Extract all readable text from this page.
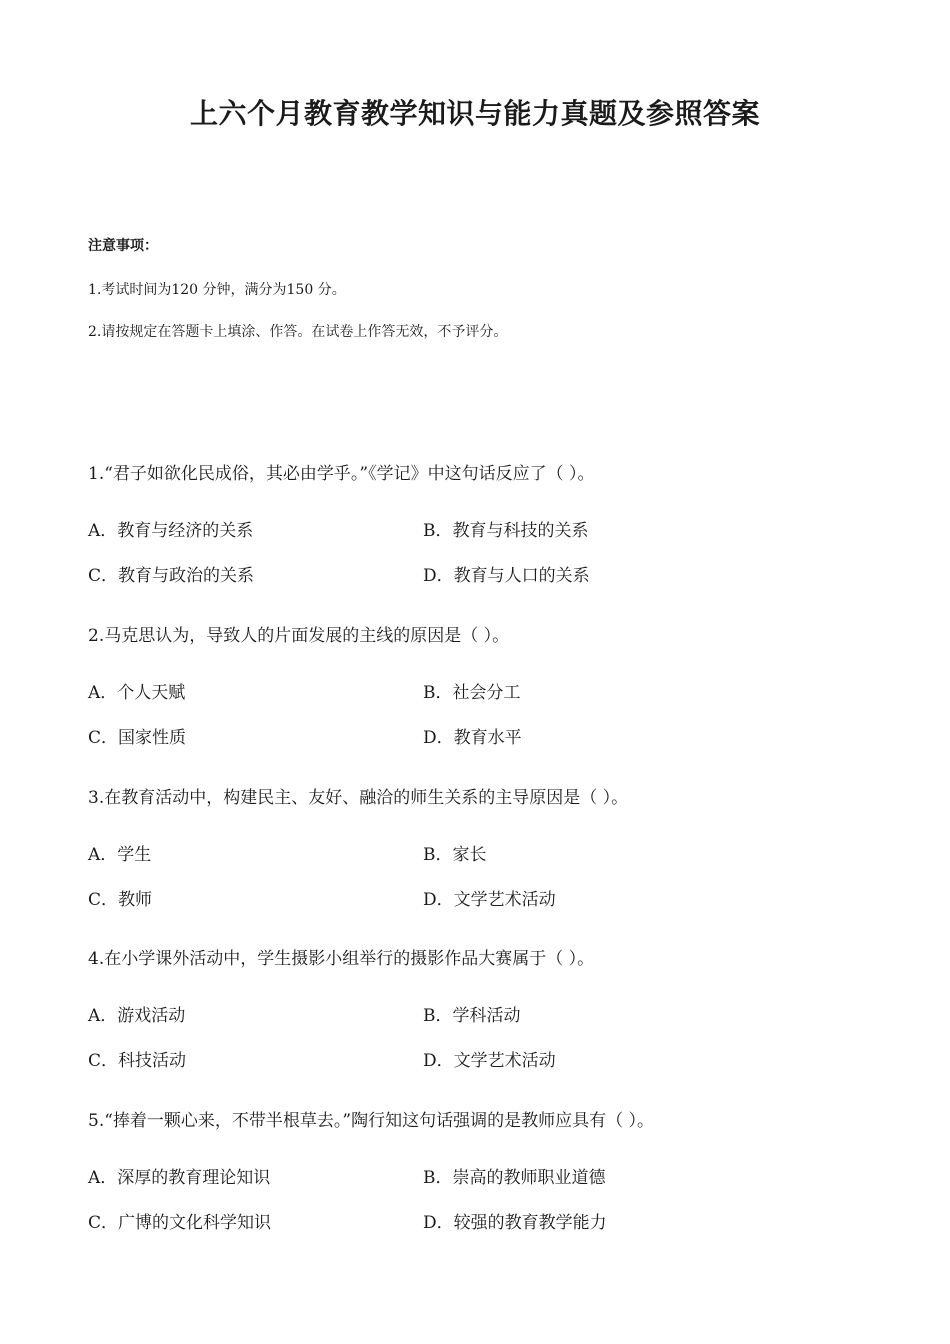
上六个月教育教学知识与能力真题及参照答案
注意事项：
1.考试时间为120 分钟，满分为150 分。
2.请按规定在答题卡上填涂、作答。在试卷上作答无效，不予评分。

1.“君子如欲化民成俗，其必由学乎。”《学记》中这句话反应了（ ）。

A．教育与经济的关系	B．教育与科技的关系
C．教育与政治的关系	D．教育与人口的关系

2.马克思认为，导致人的片面发展的主线的原因是（ ）。

A．个人天赋	B．社会分工
C．国家性质	D．教育水平

3.在教育活动中，构建民主、友好、融洽的师生关系的主导原因是（ ）。

A．学生	B．家长
C．教师	D．文学艺术活动

4.在小学课外活动中，学生摄影小组举行的摄影作品大赛属于（ ）。

A．游戏活动	B．学科活动
C．科技活动	D．文学艺术活动

5.“捧着一颗心来，不带半根草去。”陶行知这句话强调的是教师应具有（ ）。

A．深厚的教育理论知识	B．崇高的教师职业道德
C．广博的文化科学知识	D．较强的教育教学能力
